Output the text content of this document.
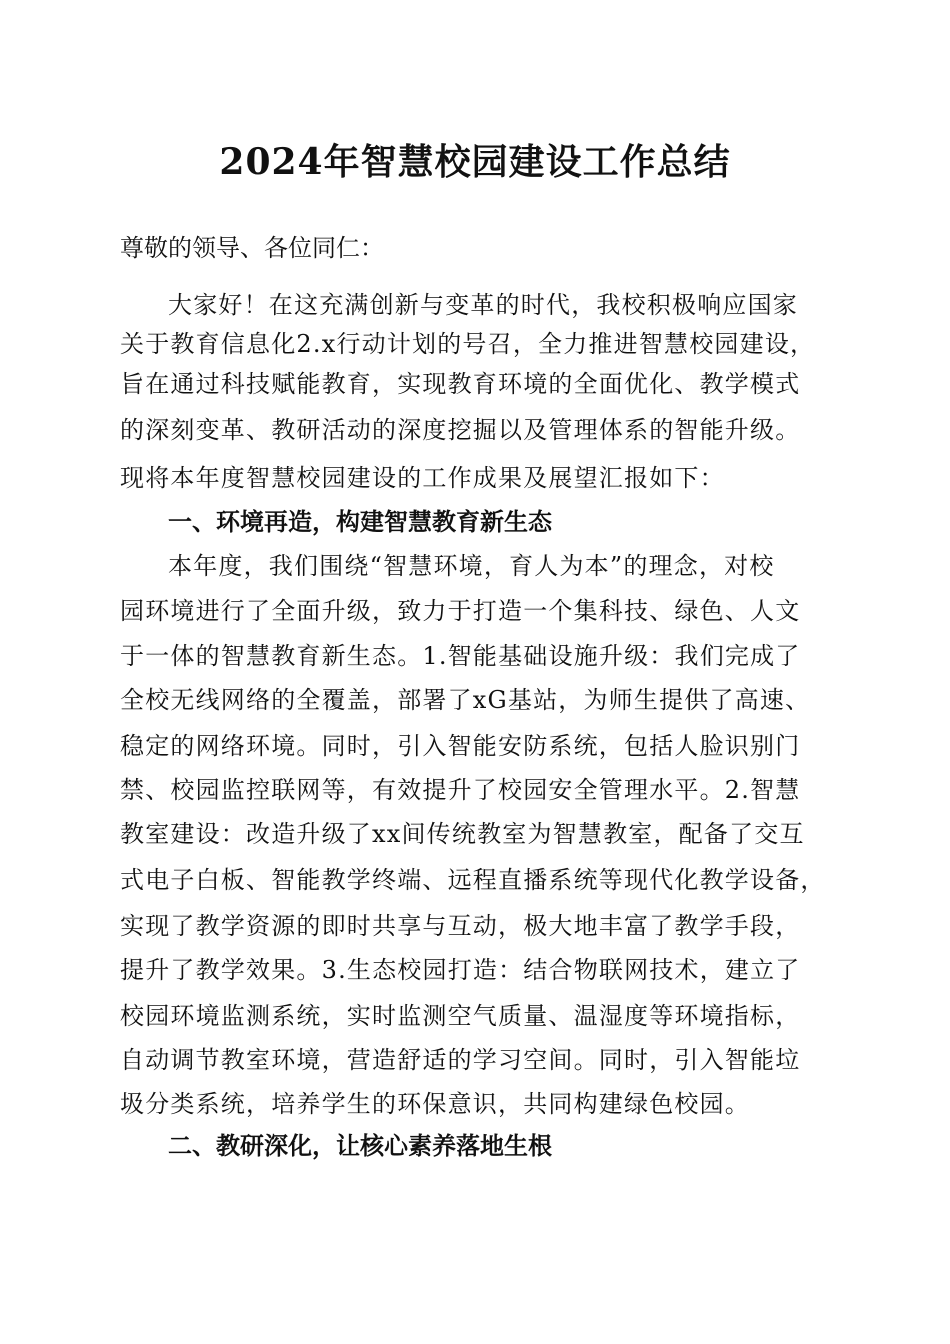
2024年智慧校园建设工作总结
尊敬的领导、各位同仁：
大家好！在这充满创新与变革的时代，我校积极响应国家
关于教育信息化2.x行动计划的号召，全力推进智慧校园建设，
旨在通过科技赋能教育，实现教育环境的全面优化、教学模式
的深刻变革、教研活动的深度挖掘以及管理体系的智能升级。
现将本年度智慧校园建设的工作成果及展望汇报如下：
一、环境再造，构建智慧教育新生态
本年度，我们围绕“智慧环境，育人为本”的理念，对校
园环境进行了全面升级，致力于打造一个集科技、绿色、人文
于一体的智慧教育新生态。1.智能基础设施升级：我们完成了
全校无线网络的全覆盖，部署了xG基站，为师生提供了高速、
稳定的网络环境。同时，引入智能安防系统，包括人脸识别门
禁、校园监控联网等，有效提升了校园安全管理水平。2.智慧
教室建设：改造升级了xx间传统教室为智慧教室，配备了交互
式电子白板、智能教学终端、远程直播系统等现代化教学设备，
实现了教学资源的即时共享与互动，极大地丰富了教学手段，
提升了教学效果。3.生态校园打造：结合物联网技术，建立了
校园环境监测系统，实时监测空气质量、温湿度等环境指标，
自动调节教室环境，营造舒适的学习空间。同时，引入智能垃
圾分类系统，培养学生的环保意识，共同构建绿色校园。
二、教研深化，让核心素养落地生根
